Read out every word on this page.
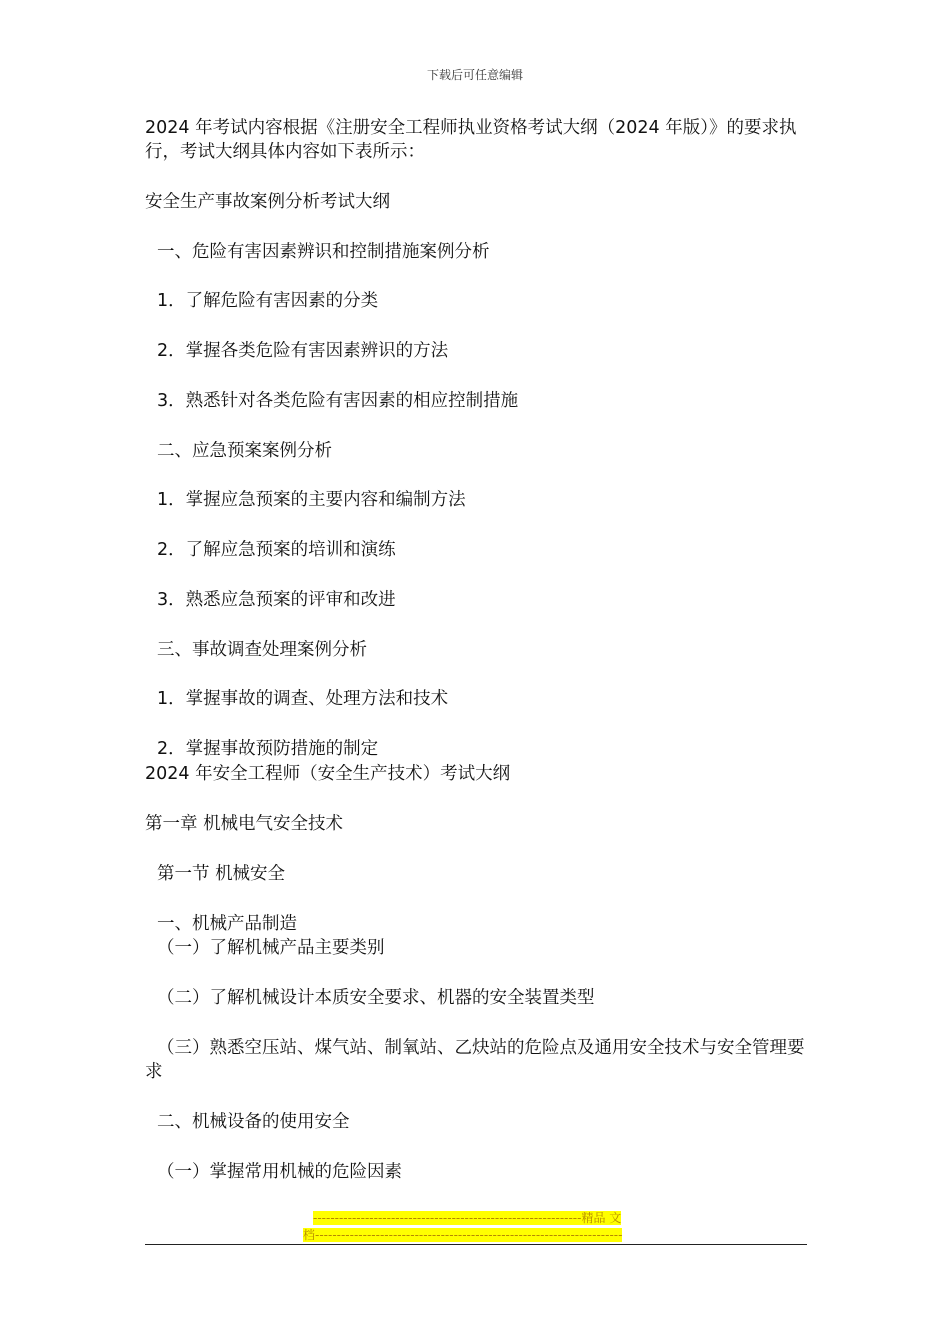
下载后可任意编辑
2024 年考试内容根据《注册安全工程师执业资格考试大纲（2024 年版）》的要求执行，考试大纲具体内容如下表所示：
安全生产事故案例分析考试大纲
一、危险有害因素辨识和控制措施案例分析
1．了解危险有害因素的分类
2．掌握各类危险有害因素辨识的方法
3．熟悉针对各类危险有害因素的相应控制措施
二、应急预案案例分析
1．掌握应急预案的主要内容和编制方法
2．了解应急预案的培训和演练
3．熟悉应急预案的评审和改进
三、事故调查处理案例分析
1．掌握事故的调查、处理方法和技术
2．掌握事故预防措施的制定
2024 年安全工程师（安全生产技术）考试大纲
第一章 机械电气安全技术
第一节 机械安全
一、机械产品制造
（一）了解机械产品主要类别
（二）了解机械设计本质安全要求、机器的安全装置类型
（三）熟悉空压站、煤气站、制氧站、乙炔站的危险点及通用安全技术与安全管理要求
二、机械设备的使用安全
（一）掌握常用机械的危险因素
--------------------------------------------------------------精品 文
档-----------------------------------------------------------------------
